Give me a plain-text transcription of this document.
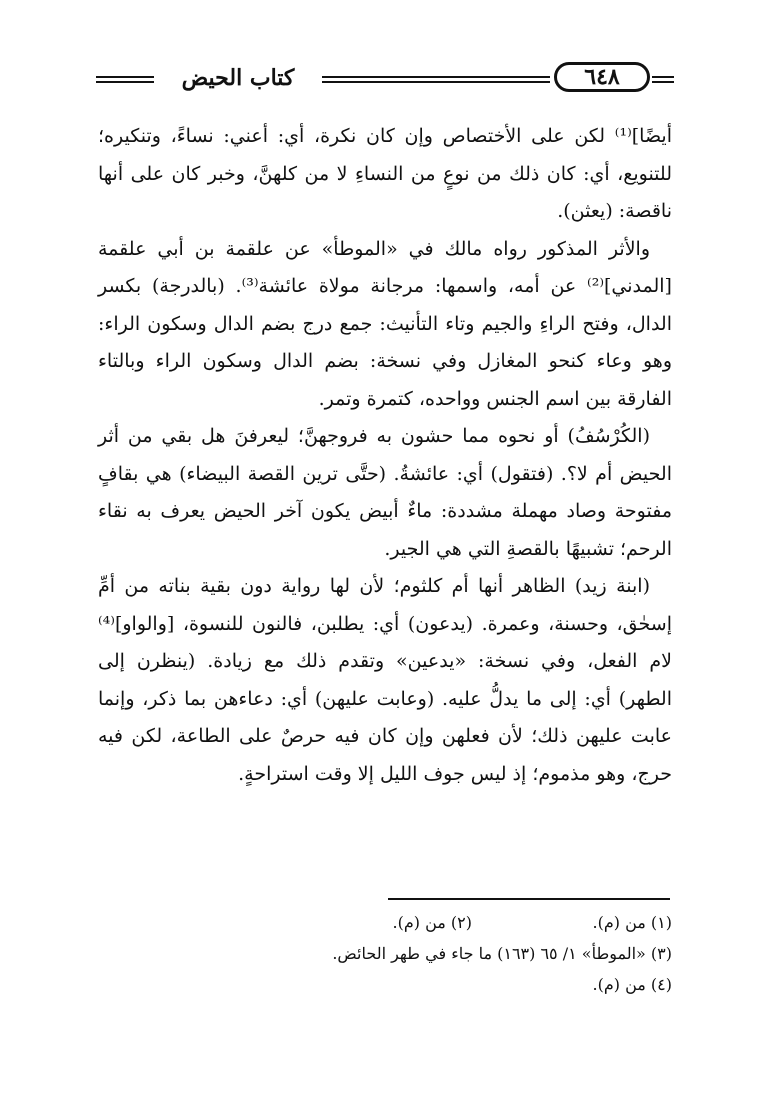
كتاب الحيض	٦٤٨

أيضًا]⁽¹⁾ لكن على الأختصاص وإن كان نكرة، أي: أعني: نساءً، وتنكيره؛ للتنويع، أي: كان ذلك من نوعٍ من النساءِ لا من كلهنَّ، وخبر كان على أنها ناقصة: (يعثن).

والأثر المذكور رواه مالك في «الموطأ» عن علقمة بن أبي علقمة [المدني]⁽²⁾ عن أمه، واسمها: مرجانة مولاة عائشة⁽³⁾. (بالدرجة) بكسر الدال، وفتح الراءِ والجيم وتاء التأنيث: جمع درج بضم الدال وسكون الراء: وهو وعاء كنحو المغازل وفي نسخة: بضم الدال وسكون الراء وبالتاء الفارقة بين اسم الجنس وواحده، كتمرة وتمر.

(الكُرْسُفُ) أو نحوه مما حشون به فروجهنَّ؛ ليعرفنَ هل بقي من أثر الحيض أم لا؟. (فتقول) أي: عائشةُ. (حتَّى ترين القصة البيضاء) هي بقافٍ مفتوحة وصاد مهملة مشددة: ماءٌ أبيض يكون آخر الحيض يعرف به نقاء الرحم؛ تشبيهًا بالقصةِ التي هي الجير.

(ابنة زيد) الظاهر أنها أم كلثوم؛ لأن لها رواية دون بقية بناته من أمِّ إسحٰق، وحسنة، وعمرة. (يدعون) أي: يطلبن، فالنون للنسوة، [والواو]⁽⁴⁾ لام الفعل، وفي نسخة: «يدعين» وتقدم ذلك مع زيادة. (ينظرن إلى الطهر) أي: إلى ما يدلُّ عليه. (وعابت عليهن) أي: دعاءهن بما ذكر، وإنما عابت عليهن ذلك؛ لأن فعلهن وإن كان فيه حرصٌ على الطاعة، لكن فيه حرج، وهو مذموم؛ إذ ليس جوف الليل إلا وقت استراحةٍ.

(١) من (م).(٢) من (م).
(٣) «الموطأ» ١/ ٦٥ (١٦٣) ما جاء في طهر الحائض.
(٤) من (م).
